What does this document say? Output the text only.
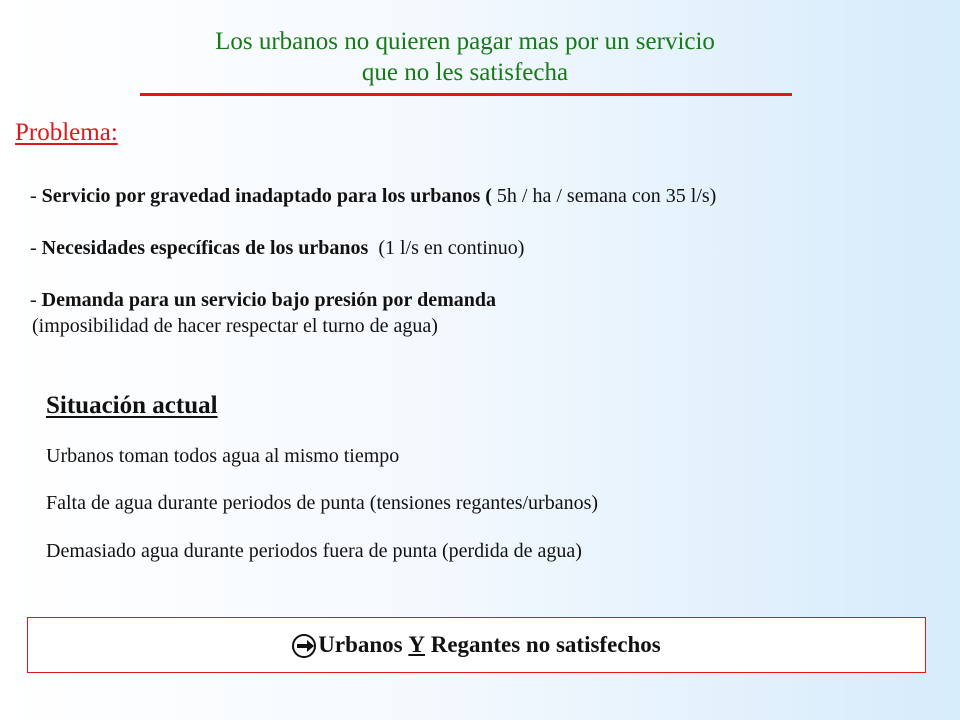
Los urbanos no quieren pagar mas por un servicio
que no les satisfecha
Problema:
- Servicio por gravedad inadaptado para los urbanos ( 5h / ha / semana con 35 l/s)
- Necesidades específicas de los urbanos  (1 l/s en continuo)
- Demanda para un servicio bajo presión por demanda
(imposibilidad de hacer respectar el turno de agua)
Situación actual
Urbanos toman todos agua al mismo tiempo
Falta de agua durante periodos de punta (tensiones regantes/urbanos)
Demasiado agua durante periodos fuera de punta (perdida de agua)
Urbanos Y Regantes no satisfechos
